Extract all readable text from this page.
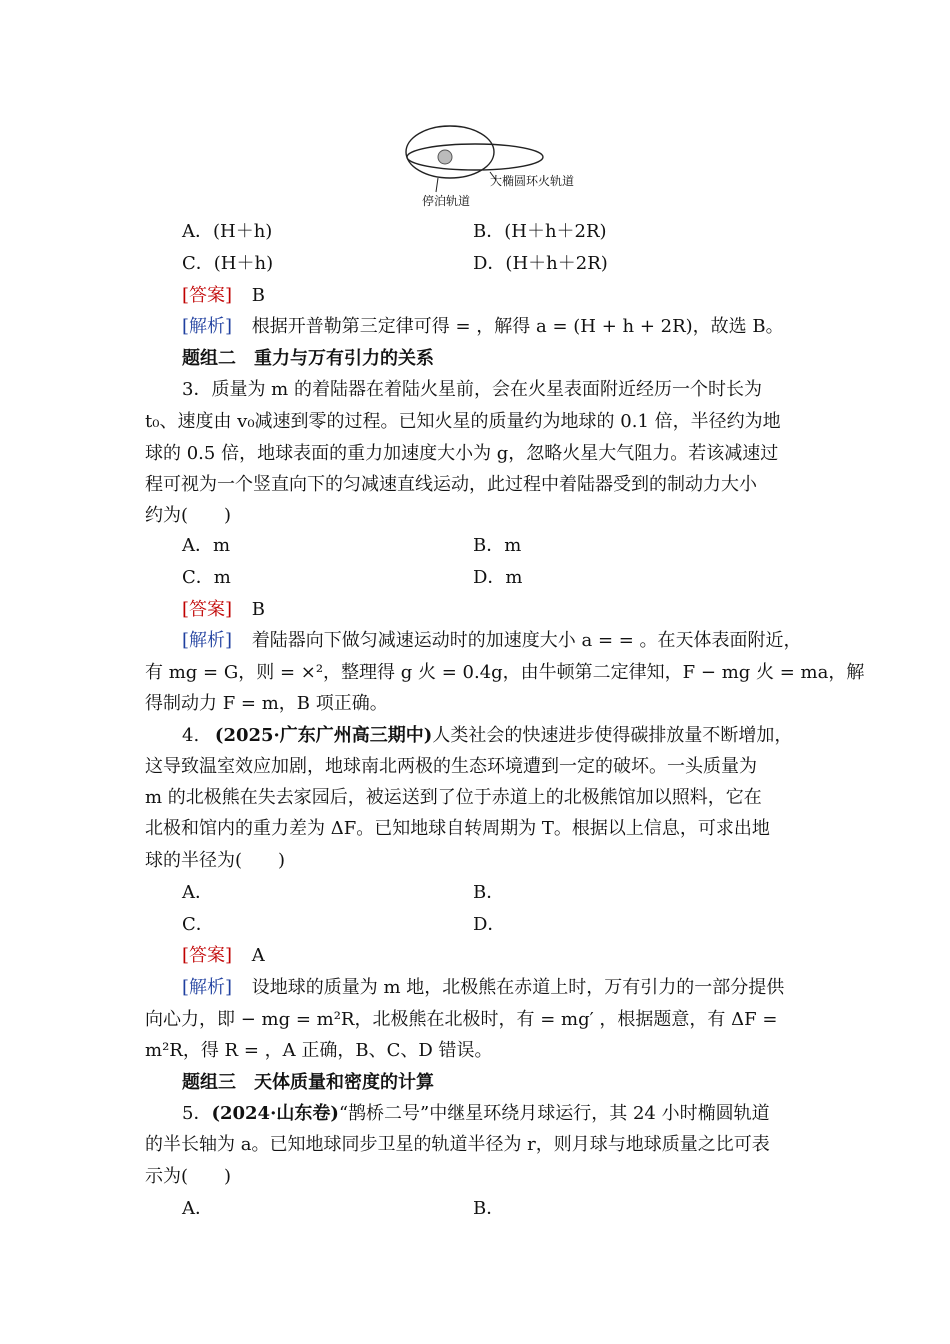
大椭圆环火轨道
停泊轨道
A．(H＋h)	B．(H＋h＋2R)
C．(H＋h)	D．(H＋h＋2R)
[答案] B
[解析] 根据开普勒第三定律可得 = ，解得 a = (H + h + 2R)，故选 B。
题组二　重力与万有引力的关系
3．质量为 m 的着陆器在着陆火星前，会在火星表面附近经历一个时长为
t₀、速度由 v₀减速到零的过程。已知火星的质量约为地球的 0.1 倍，半径约为地
球的 0.5 倍，地球表面的重力加速度大小为 g，忽略火星大气阻力。若该减速过
程可视为一个竖直向下的匀减速直线运动，此过程中着陆器受到的制动力大小
约为(　　)
A．m	B．m
C．m	D．m
[答案] B
[解析] 着陆器向下做匀减速运动时的加速度大小 a = = 。在天体表面附近，
有 mg = G，则 = ×²，整理得 g 火 = 0.4g，由牛顿第二定律知，F − mg 火 = ma，解
得制动力 F = m，B 项正确。
4. (2025·广东广州高三期中)人类社会的快速进步使得碳排放量不断增加，
这导致温室效应加剧，地球南北两极的生态环境遭到一定的破坏。一头质量为
m 的北极熊在失去家园后，被运送到了位于赤道上的北极熊馆加以照料，它在
北极和馆内的重力差为 ΔF。已知地球自转周期为 T。根据以上信息，可求出地
球的半径为(　　)
A．	B．
C．	D．
[答案] A
[解析] 设地球的质量为 m 地，北极熊在赤道上时，万有引力的一部分提供
向心力，即 − mg = m²R，北极熊在北极时，有 = mg′ ，根据题意，有 ΔF =
m²R，得 R = ，A 正确，B、C、D 错误。
题组三　天体质量和密度的计算
5．(2024·山东卷)“鹊桥二号”中继星环绕月球运行，其 24 小时椭圆轨道
的半长轴为 a。已知地球同步卫星的轨道半径为 r，则月球与地球质量之比可表
示为(　　)
A．	B．
